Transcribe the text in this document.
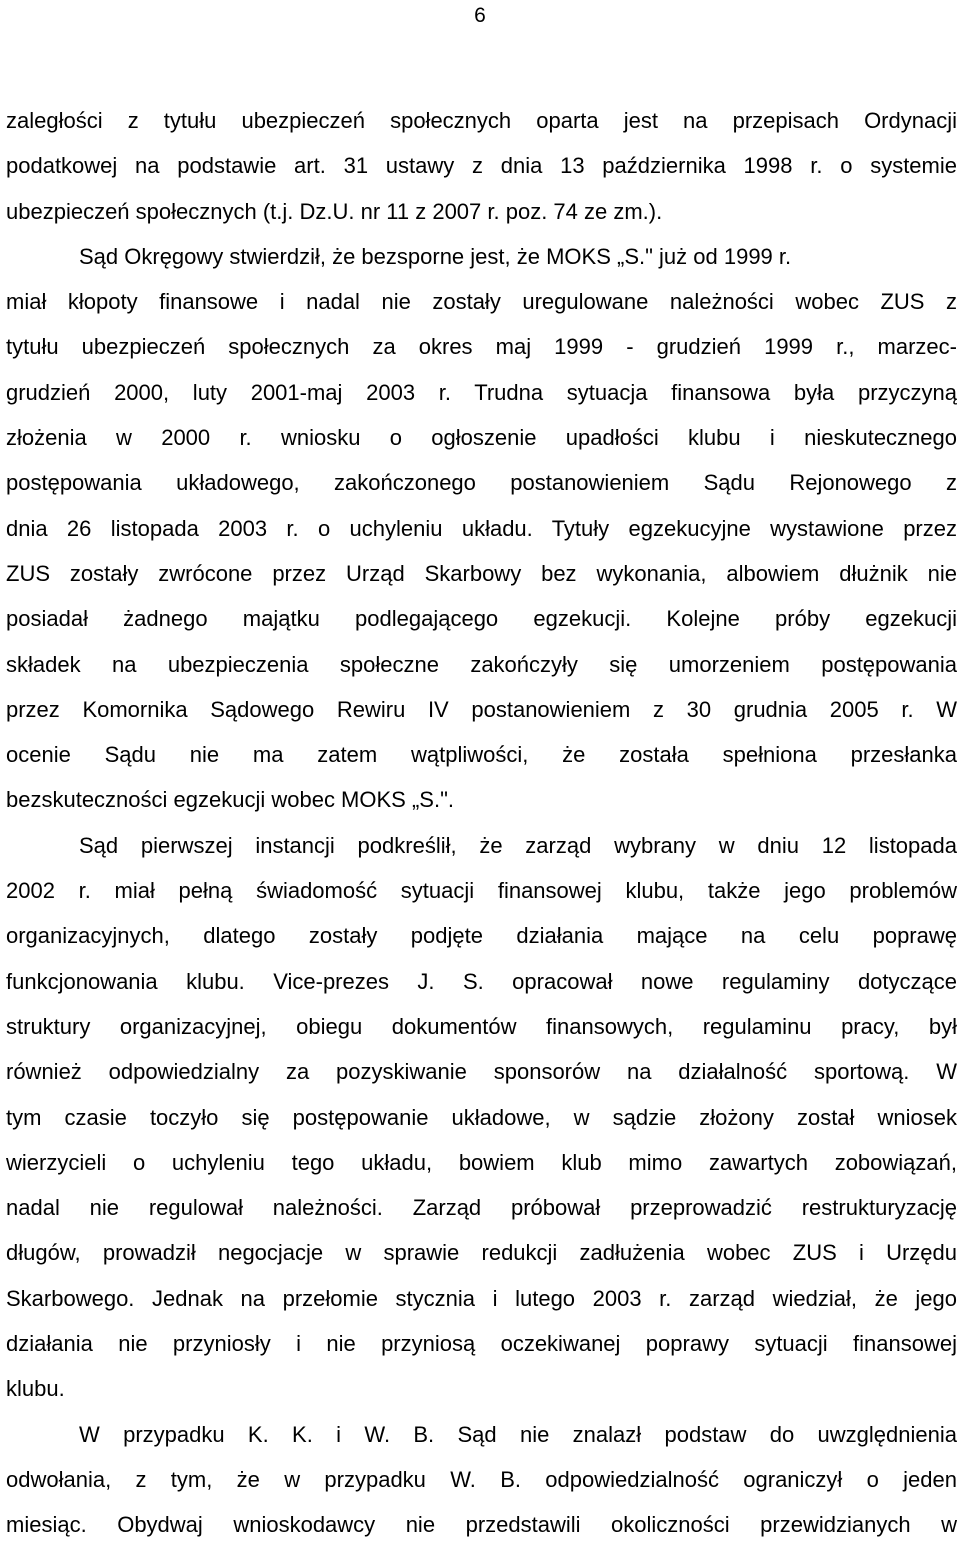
6
zaległości z tytułu ubezpieczeń społecznych oparta jest na przepisach Ordynacji
podatkowej na podstawie art. 31 ustawy z dnia 13 października 1998 r. o systemie
ubezpieczeń społecznych (t.j. Dz.U. nr 11 z 2007 r. poz. 74 ze zm.).
Sąd Okręgowy stwierdził, że bezsporne jest, że MOKS „S." już od 1999 r.
miał kłopoty finansowe i nadal nie zostały uregulowane należności wobec ZUS z
tytułu ubezpieczeń społecznych za okres maj 1999 - grudzień 1999 r., marzec-
grudzień 2000, luty 2001-maj 2003 r. Trudna sytuacja finansowa była przyczyną
złożenia w 2000 r. wniosku o ogłoszenie upadłości klubu i nieskutecznego
postępowania układowego, zakończonego postanowieniem Sądu Rejonowego z
dnia 26 listopada 2003 r. o uchyleniu układu. Tytuły egzekucyjne wystawione przez
ZUS zostały zwrócone przez Urząd Skarbowy bez wykonania, albowiem dłużnik nie
posiadał żadnego majątku podlegającego egzekucji. Kolejne próby egzekucji
składek na ubezpieczenia społeczne zakończyły się umorzeniem postępowania
przez Komornika Sądowego Rewiru IV postanowieniem z 30 grudnia 2005 r. W
ocenie Sądu nie ma zatem wątpliwości, że została spełniona przesłanka
bezskuteczności egzekucji wobec MOKS „S.".
Sąd pierwszej instancji podkreślił, że zarząd wybrany w dniu 12 listopada
2002 r. miał pełną świadomość sytuacji finansowej klubu, także jego problemów
organizacyjnych, dlatego zostały podjęte działania mające na celu poprawę
funkcjonowania klubu. Vice-prezes J. S. opracował nowe regulaminy dotyczące
struktury organizacyjnej, obiegu dokumentów finansowych, regulaminu pracy, był
również odpowiedzialny za pozyskiwanie sponsorów na działalność sportową. W
tym czasie toczyło się postępowanie układowe, w sądzie złożony został wniosek
wierzycieli o uchyleniu tego układu, bowiem klub mimo zawartych zobowiązań,
nadal nie regulował należności. Zarząd próbował przeprowadzić restrukturyzację
długów, prowadził negocjacje w sprawie redukcji zadłużenia wobec ZUS i Urzędu
Skarbowego. Jednak na przełomie stycznia i lutego 2003 r. zarząd wiedział, że jego
działania nie przyniosły i nie przyniosą oczekiwanej poprawy sytuacji finansowej
klubu.
W przypadku K. K. i W. B. Sąd nie znalazł podstaw do uwzględnienia
odwołania, z tym, że w przypadku W. B. odpowiedzialność ograniczył o jeden
miesiąc. Obydwaj wnioskodawcy nie przedstawili okoliczności przewidzianych w
